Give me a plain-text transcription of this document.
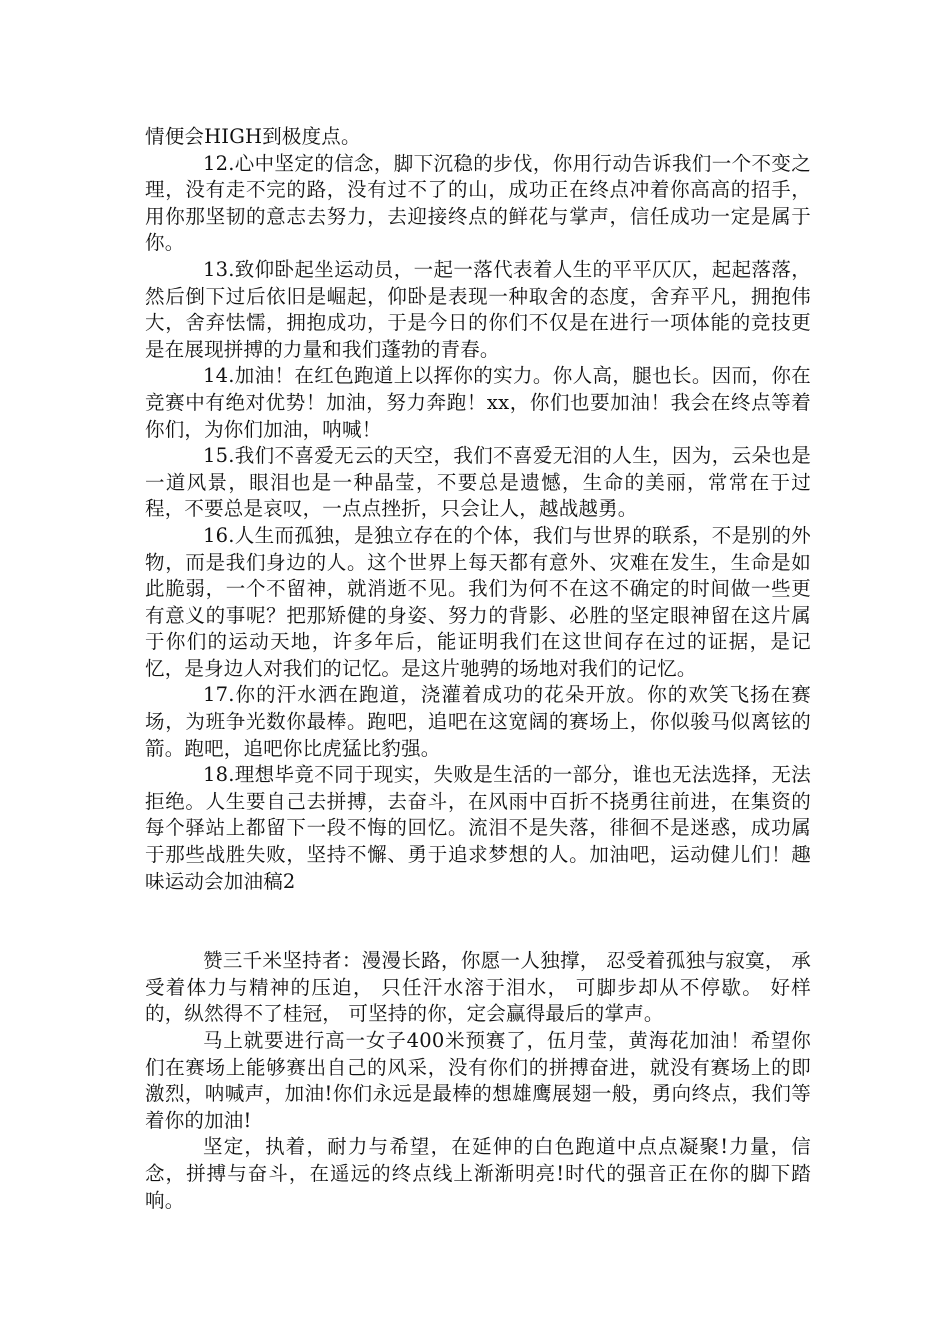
情便会HIGH到极度点。

12.心中坚定的信念，脚下沉稳的步伐，你用行动告诉我们一个不变之理，没有走不完的路，没有过不了的山，成功正在终点冲着你高高的招手，用你那坚韧的意志去努力，去迎接终点的鲜花与掌声，信任成功一定是属于你。

13.致仰卧起坐运动员，一起一落代表着人生的平平仄仄，起起落落，然后倒下过后依旧是崛起，仰卧是表现一种取舍的态度，舍弃平凡，拥抱伟大，舍弃怯懦，拥抱成功，于是今日的你们不仅是在进行一项体能的竞技更是在展现拼搏的力量和我们蓬勃的青春。

14.加油！在红色跑道上以挥你的实力。你人高，腿也长。因而，你在竞赛中有绝对优势！加油，努力奔跑！xx，你们也要加油！我会在终点等着你们，为你们加油，呐喊！

15.我们不喜爱无云的天空，我们不喜爱无泪的人生，因为，云朵也是一道风景，眼泪也是一种晶莹，不要总是遗憾，生命的美丽，常常在于过程，不要总是哀叹，一点点挫折，只会让人，越战越勇。

16.人生而孤独，是独立存在的个体，我们与世界的联系，不是别的外物，而是我们身边的人。这个世界上每天都有意外、灾难在发生，生命是如此脆弱，一个不留神，就消逝不见。我们为何不在这不确定的时间做一些更有意义的事呢？把那矫健的身姿、努力的背影、必胜的坚定眼神留在这片属于你们的运动天地，许多年后，能证明我们在这世间存在过的证据，是记忆，是身边人对我们的记忆。是这片驰骋的场地对我们的记忆。

17.你的汗水洒在跑道，浇灌着成功的花朵开放。你的欢笑飞扬在赛场，为班争光数你最棒。跑吧，追吧在这宽阔的赛场上，你似骏马似离铉的箭。跑吧，追吧你比虎猛比豹强。

18.理想毕竟不同于现实，失败是生活的一部分，谁也无法选择，无法拒绝。人生要自己去拼搏，去奋斗，在风雨中百折不挠勇往前进，在集资的每个驿站上都留下一段不悔的回忆。流泪不是失落，徘徊不是迷惑，成功属于那些战胜失败，坚持不懈、勇于追求梦想的人。加油吧，运动健儿们！趣味运动会加油稿2

赞三千米坚持者：漫漫长路，你愿一人独撑， 忍受着孤独与寂寞， 承受着体力与精神的压迫， 只任汗水溶于泪水， 可脚步却从不停歇。 好样的，纵然得不了桂冠， 可坚持的你，定会赢得最后的掌声。

马上就要进行高一女子400米预赛了，伍月莹，黄海花加油！希望你们在赛场上能够赛出自己的风采，没有你们的拼搏奋进，就没有赛场上的即激烈，呐喊声，加油!你们永远是最棒的想雄鹰展翅一般，勇向终点，我们等着你的加油!

坚定，执着，耐力与希望，在延伸的白色跑道中点点凝聚!力量，信念，拼搏与奋斗，在遥远的终点线上渐渐明亮!时代的强音正在你的脚下踏响。
